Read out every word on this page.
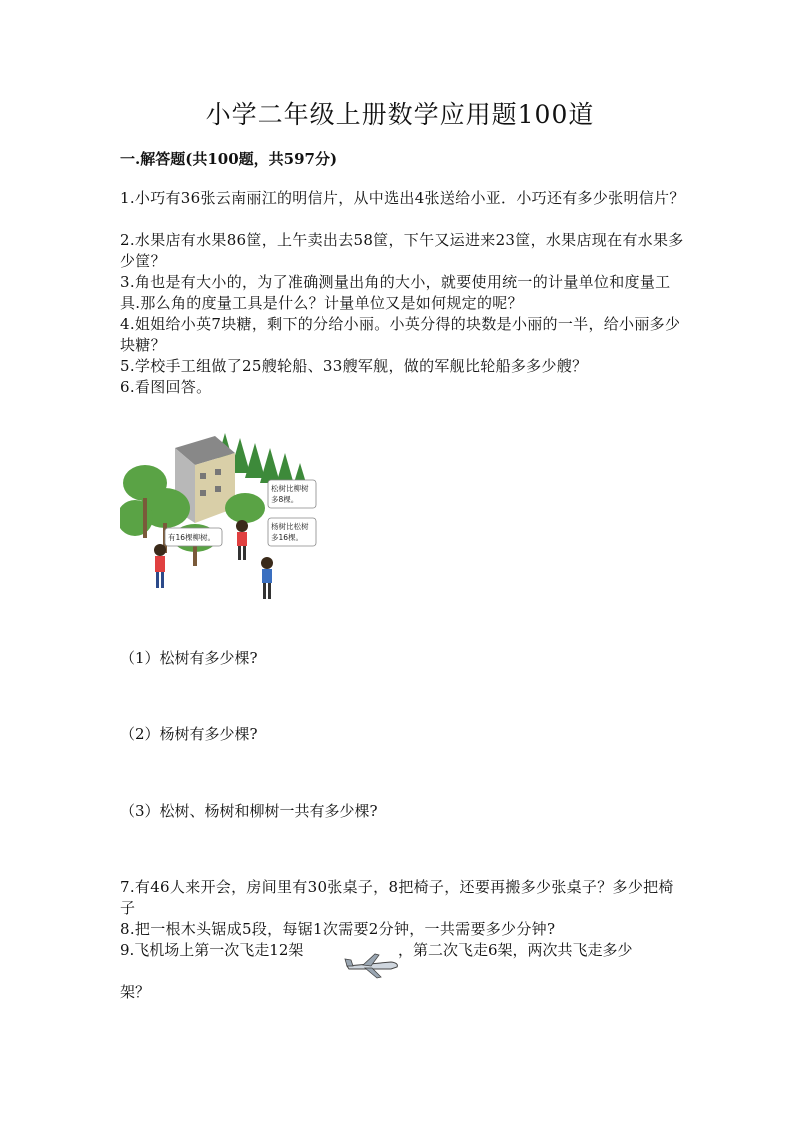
小学二年级上册数学应用题100道
一.解答题(共100题，共597分)
1.小巧有36张云南丽江的明信片，从中选出4张送给小亚．小巧还有多少张明信片？
2.水果店有水果86筐，上午卖出去58筐，下午又运进来23筐，水果店现在有水果多少筐？
3.角也是有大小的，为了准确测量出角的大小，就要使用统一的计量单位和度量工具.那么角的度量工具是什么？计量单位又是如何规定的呢？
4.姐姐给小英7块糖，剩下的分给小丽。小英分得的块数是小丽的一半，给小丽多少块糖？
5.学校手工组做了25艘轮船、33艘军舰，做的军舰比轮船多多少艘？
6.看图回答。
有16棵柳树。
松树比柳树
多8棵。
杨树比松树
多16棵。
（1）松树有多少棵?
（2）杨树有多少棵?
（3）松树、杨树和柳树一共有多少棵?
7.有46人来开会，房间里有30张桌子，8把椅子，还要再搬多少张桌子？多少把椅子
8.把一根木头锯成5段，每锯1次需要2分钟，一共需要多少分钟?
9.飞机场上第一次飞走12架	，第二次飞走6架，两次共飞走多少
架？
